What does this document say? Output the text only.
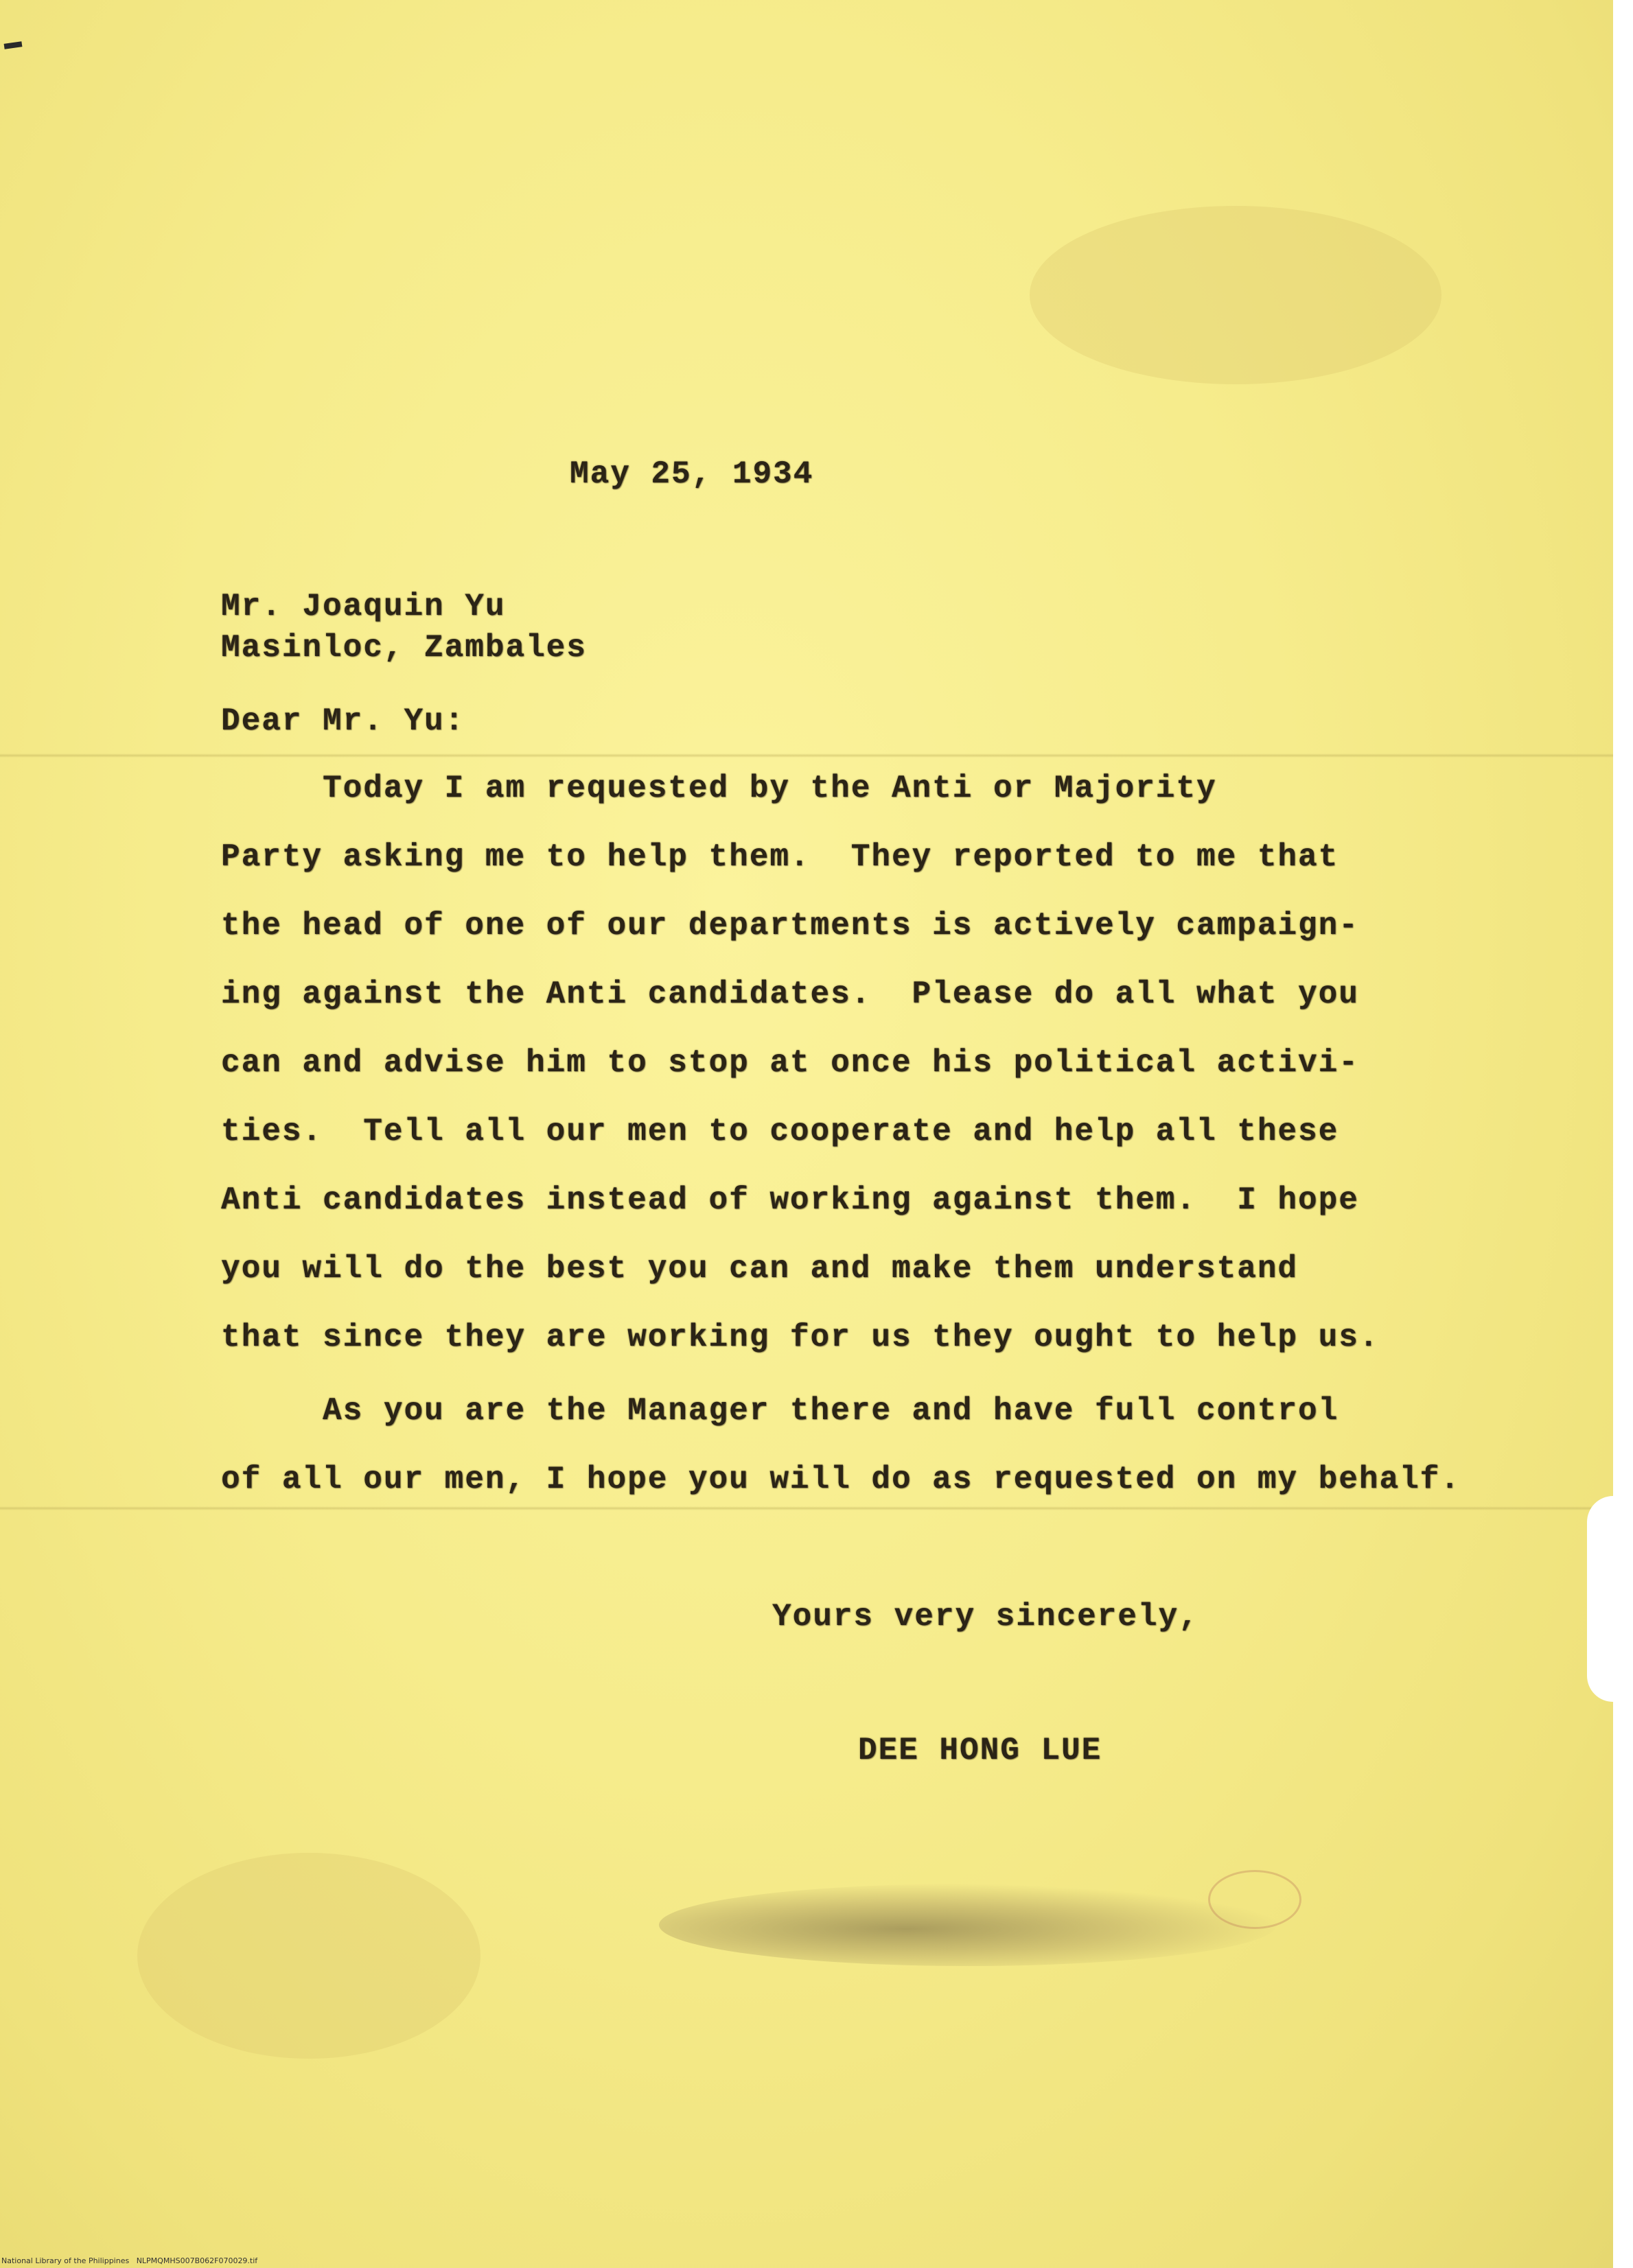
May 25, 1934
Mr. Joaquin Yu
Masinloc, Zambales
Dear Mr. Yu:
Today I am requested by the Anti or Majority
Party asking me to help them.  They reported to me that
the head of one of our departments is actively campaign-
ing against the Anti candidates.  Please do all what you
can and advise him to stop at once his political activi-
ties.  Tell all our men to cooperate and help all these
Anti candidates instead of working against them.  I hope
you will do the best you can and make them understand
that since they are working for us they ought to help us.
As you are the Manager there and have full control
of all our men, I hope you will do as requested on my behalf.
Yours very sincerely,
DEE HONG LUE
National Library of the Philippines   NLPMQMHS007B062F070029.tif
